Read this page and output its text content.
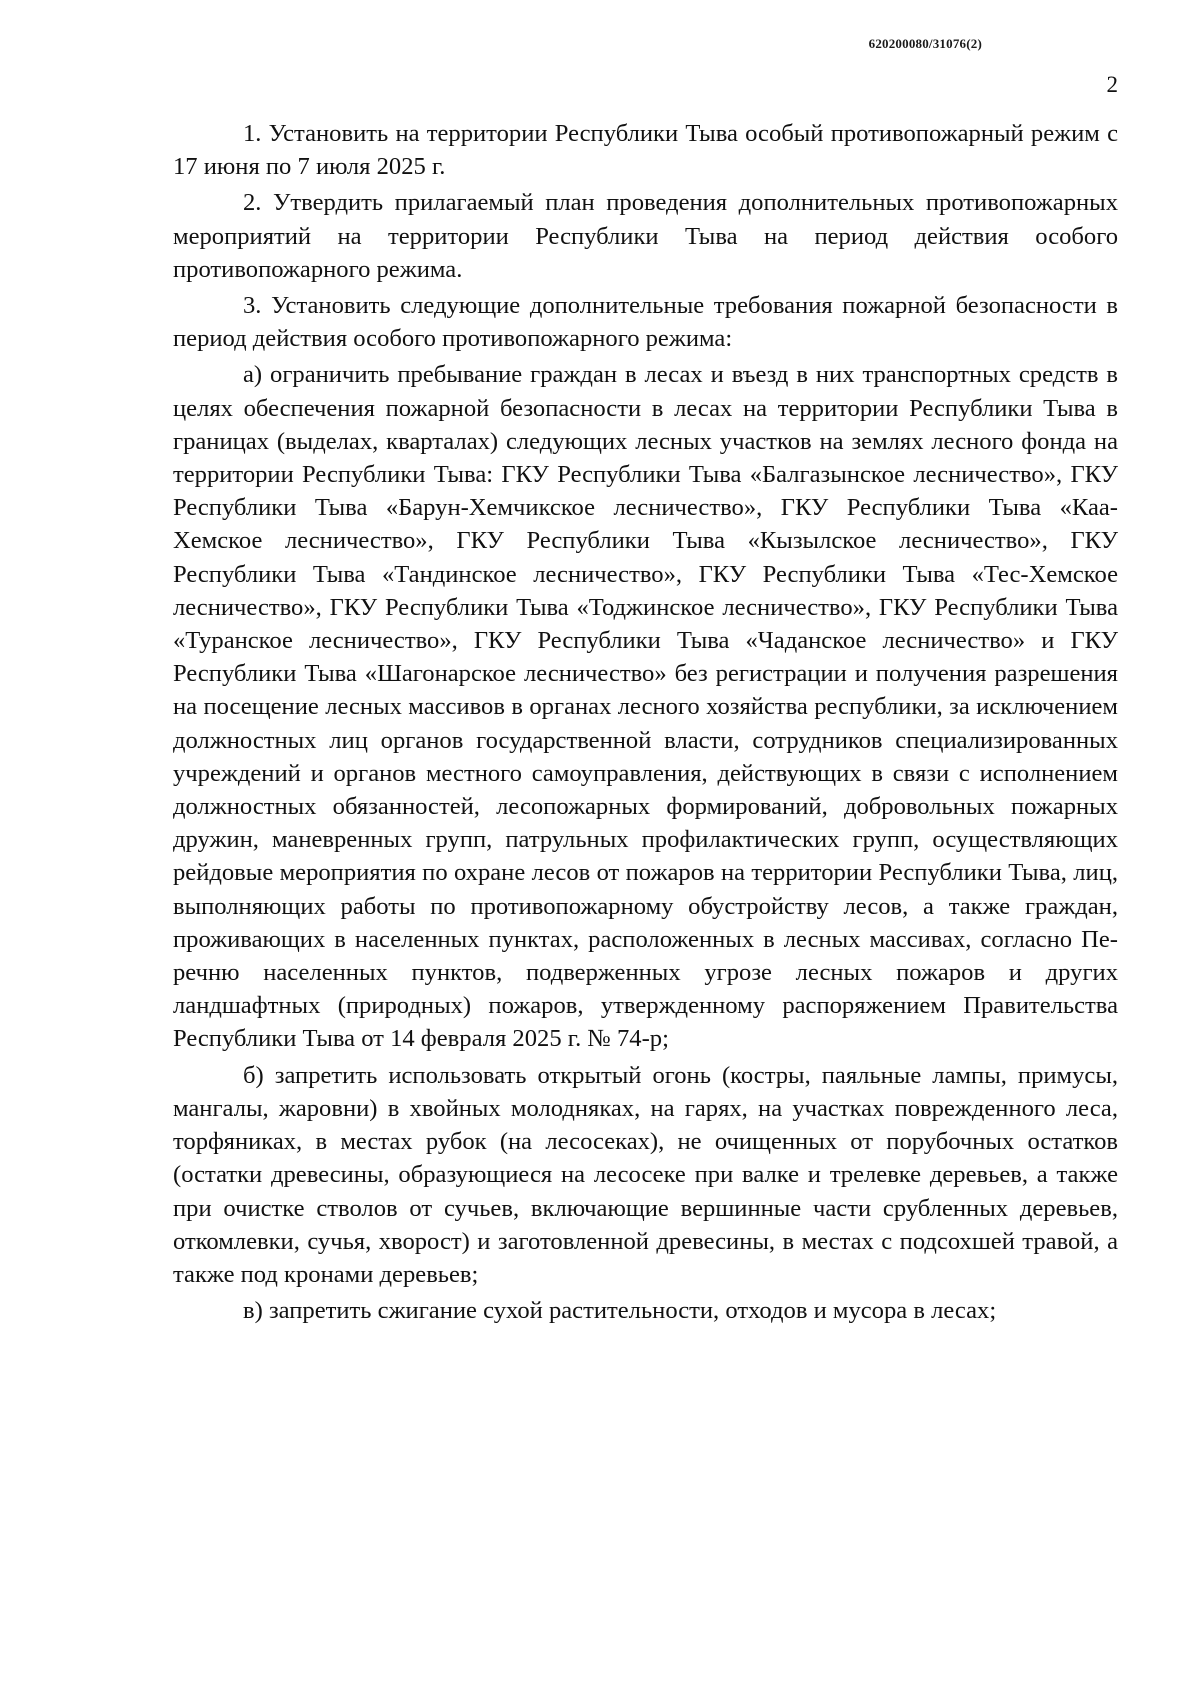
620200080/31076(2)
2

1. Установить на территории Республики Тыва особый противопожарный режим с 17 июня по 7 июля 2025 г.

2. Утвердить прилагаемый план проведения дополнительных противопожарных мероприятий на территории Республики Тыва на период действия особого противопожарного режима.

3. Установить следующие дополнительные требования пожарной безопасности в период действия особого противопожарного режима:

а) ограничить пребывание граждан в лесах и въезд в них транспортных средств в целях обеспечения пожарной безопасности в лесах на территории Республики Тыва в границах (выделах, кварталах) следующих лесных участков на землях лесного фонда на территории Республики Тыва: ГКУ Республики Тыва «Балгазынское лесничество», ГКУ Республики Тыва «Барун-Хемчикское лесничество», ГКУ Республики Тыва «Каа-Хемское лесничество», ГКУ Республики Тыва «Кызылское лесничество», ГКУ Республики Тыва «Тандинское лесничество», ГКУ Республики Тыва «Тес-Хемское лесничество», ГКУ Республики Тыва «Тоджинское лесничество», ГКУ Республики Тыва «Туранское лесничество», ГКУ Республики Тыва «Чаданское лесничество» и ГКУ Республики Тыва «Шагонарское лесничество» без регистрации и получения разрешения на посещение лесных массивов в органах лесного хозяйства республики, за исключением должностных лиц органов государственной власти, сотрудников специализированных учреждений и органов местного самоуправления, действующих в связи с исполнением должностных обязанностей, лесопожарных формирований, добровольных пожарных дружин, маневренных групп, патрульных профилактических групп, осуществляющих рейдовые мероприятия по охране лесов от пожаров на территории Республики Тыва, лиц, выполняющих работы по противопожарному обустройству лесов, а также граждан, проживающих в населенных пунктах, расположенных в лесных массивах, согласно Перечню населенных пунктов, подверженных угрозе лесных пожаров и других ландшафтных (природных) пожаров, утвержденному распоряжением Правительства Республики Тыва от 14 февраля 2025 г. № 74-р;

б) запретить использовать открытый огонь (костры, паяльные лампы, примусы, мангалы, жаровни) в хвойных молодняках, на гарях, на участках поврежденного леса, торфяниках, в местах рубок (на лесосеках), не очищенных от порубочных остатков (остатки древесины, образующиеся на лесосеке при валке и трелевке деревьев, а также при очистке стволов от сучьев, включающие вершинные части срубленных деревьев, откомлевки, сучья, хворост) и заготовленной древесины, в местах с подсохшей травой, а также под кронами деревьев;

в) запретить сжигание сухой растительности, отходов и мусора в лесах;
